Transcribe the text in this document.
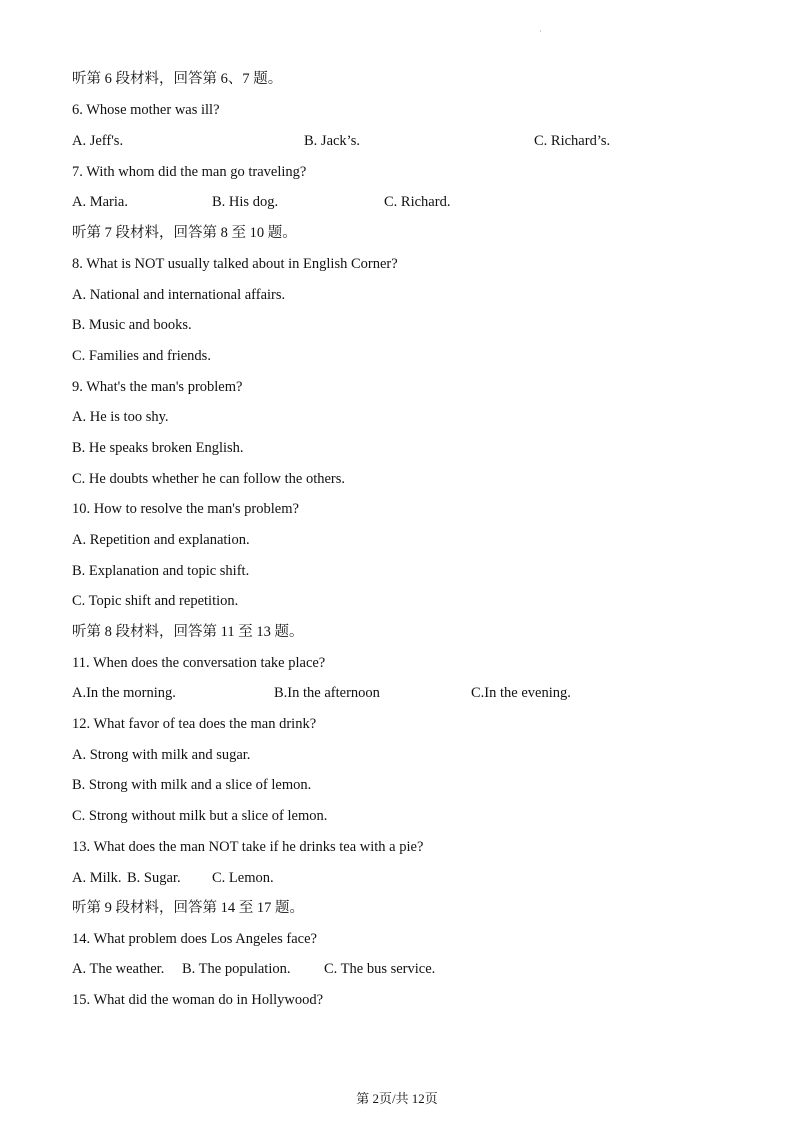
·
听第 6 段材料，回答第 6、7 题。
6. Whose mother was ill?
A. Jeff's.	B. Jack’s.	C. Richard’s.
7. With whom did the man go traveling?
A. Maria.	B. His dog.	C. Richard.
听第 7 段材料，回答第 8 至 10 题。
8. What is NOT usually talked about in English Corner?
A. National and international affairs.
B. Music and books.
C. Families and friends.
9. What's the man's problem?
A. He is too shy.
B. He speaks broken English.
C. He doubts whether he can follow the others.
10. How to resolve the man's problem?
A. Repetition and explanation.
B. Explanation and topic shift.
C. Topic shift and repetition.
听第 8 段材料，回答第 11 至 13 题。
11. When does the conversation take place?
A.In the morning.	B.In the afternoon	C.In the evening.
12. What favor of tea does the man drink?
A. Strong with milk and sugar.
B. Strong with milk and a slice of lemon.
C. Strong without milk but a slice of lemon.
13. What does the man NOT take if he drinks tea with a pie?
A. Milk. B. Sugar. C. Lemon.
听第 9 段材料，回答第 14 至 17 题。
14. What problem does Los Angeles face?
A. The weather. B. The population. C. The bus service.
15. What did the woman do in Hollywood?
第 2页/共 12页
